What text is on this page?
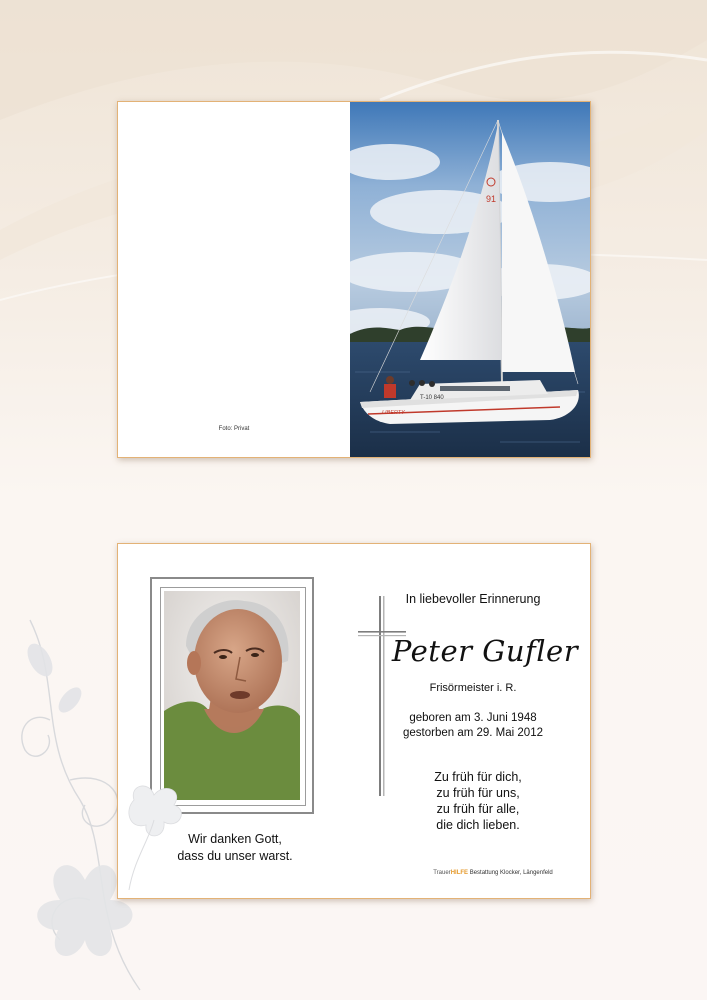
Foto: Privat
91
T-10 840
LIBERTY
Wir danken Gott,
dass du unser warst.
In liebevoller Erinnerung
Peter Gufler
Frisörmeister i. R.
geboren am 3. Juni 1948
gestorben am 29. Mai 2012
Zu früh für dich,
zu früh für uns,
zu früh für alle,
die dich lieben.
TrauerHILFE Bestattung Klocker, Längenfeld
